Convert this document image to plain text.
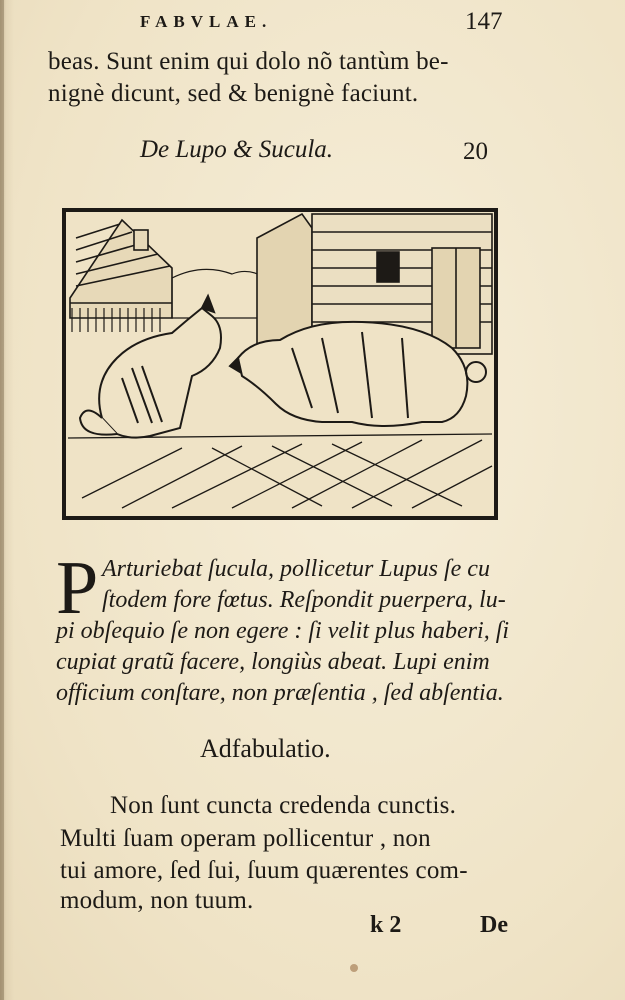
FABVLAE.	147
beas. Sunt enim qui dolo nõ tantùm be-
nignè dicunt, sed & benignè faciunt.
De Lupo & Sucula.	20
P Arturiebat ſucula, pollicetur Lupus ſe cu
ſtodem fore fœtus. Reſpondit puerpera, lu-
pi obſequio ſe non egere : ſi velit plus haberi, ſi
cupiat gratũ facere, longiùs abeat. Lupi enim
officium conſtare, non præſentia , ſed abſentia.
Adfabulatio.
Non ſunt cuncta credenda cunctis.
Multi ſuam operam pollicentur , non
tui amore, ſed ſui, ſuum quærentes com-
modum, non tuum.
k 2	De
